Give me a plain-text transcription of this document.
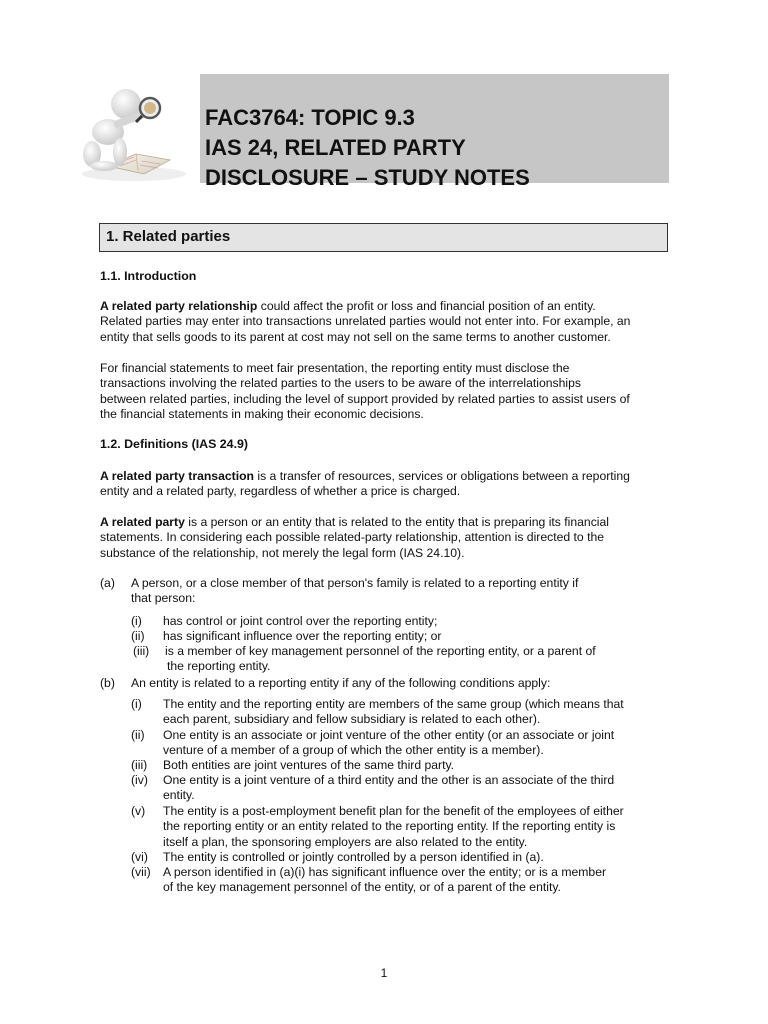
FAC3764: TOPIC 9.3
IAS 24, RELATED PARTY
DISCLOSURE – STUDY NOTES
1. Related parties
1.1. Introduction
A related party relationship could affect the profit or loss and financial position of an entity.
Related parties may enter into transactions unrelated parties would not enter into. For example, an
entity that sells goods to its parent at cost may not sell on the same terms to another customer.
For financial statements to meet fair presentation, the reporting entity must disclose the
transactions involving the related parties to the users to be aware of the interrelationships
between related parties, including the level of support provided by related parties to assist users of
the financial statements in making their economic decisions.
1.2. Definitions (IAS 24.9)
A related party transaction is a transfer of resources, services or obligations between a reporting
entity and a related party, regardless of whether a price is charged.
A related party is a person or an entity that is related to the entity that is preparing its financial
statements. In considering each possible related-party relationship, attention is directed to the
substance of the relationship, not merely the legal form (IAS 24.10).
(a) A person, or a close member of that person's family is related to a reporting entity if
that person:
(i) has control or joint control over the reporting entity;
(ii) has significant influence over the reporting entity; or
(iii) is a member of key management personnel of the reporting entity, or a parent of
the reporting entity.
(b) An entity is related to a reporting entity if any of the following conditions apply:
(i) The entity and the reporting entity are members of the same group (which means that
each parent, subsidiary and fellow subsidiary is related to each other).
(ii) One entity is an associate or joint venture of the other entity (or an associate or joint
venture of a member of a group of which the other entity is a member).
(iii) Both entities are joint ventures of the same third party.
(iv) One entity is a joint venture of a third entity and the other is an associate of the third
entity.
(v) The entity is a post-employment benefit plan for the benefit of the employees of either
the reporting entity or an entity related to the reporting entity. If the reporting entity is
itself a plan, the sponsoring employers are also related to the entity.
(vi) The entity is controlled or jointly controlled by a person identified in (a).
(vii) A person identified in (a)(i) has significant influence over the entity; or is a member
of the key management personnel of the entity, or of a parent of the entity.
1
